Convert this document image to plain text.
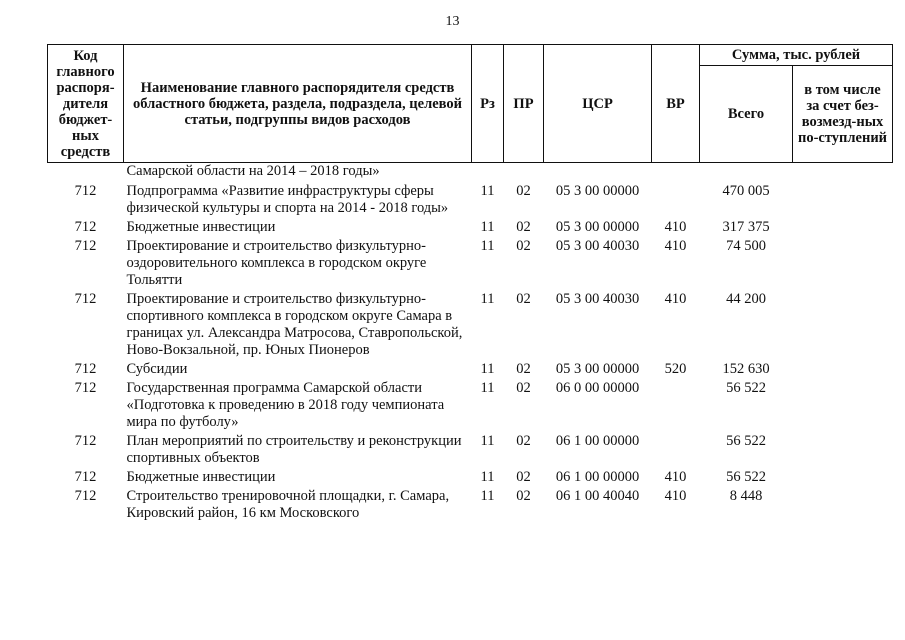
13
Код главного распоря-дителя бюджет-ных средств	Наименование главного распорядителя средств областного бюджета, раздела, подраздела, целевой статьи, подгруппы видов расходов	Рз	ПР	ЦСР	ВР	Сумма, тыс. рублей	
						Всего	в том числе за счет без-возмезд-ных по-ступлений
	Самарской области на 2014 – 2018 годы»						
712	Подпрограмма «Развитие инфраструктуры сферы физической культуры и спорта на 2014 - 2018 годы»	11	02	05 3 00 00000		470 005	
712	Бюджетные инвестиции	11	02	05 3 00 00000	410	317 375	
712	Проектирование и строительство физкультурно-оздоровительного комплекса в городском округе Тольятти	11	02	05 3 00 40030	410	74 500	
712	Проектирование и строительство физкультурно-спортивного комплекса в городском округе Самара в границах ул. Александра Матросова, Ставропольской, Ново-Вокзальной, пр. Юных Пионеров	11	02	05 3 00 40030	410	44 200	
712	Субсидии	11	02	05 3 00 00000	520	152 630	
712	Государственная программа Самарской области «Подготовка к проведению в 2018 году чемпионата мира по футболу»	11	02	06 0 00 00000		56 522	
712	План мероприятий по строительству и реконструкции спортивных объектов	11	02	06 1 00 00000		56 522	
712	Бюджетные инвестиции	11	02	06 1 00 00000	410	56 522	
712	Строительство тренировочной площадки, г. Самара, Кировский район, 16 км Московского	11	02	06 1 00 40040	410	8 448	
